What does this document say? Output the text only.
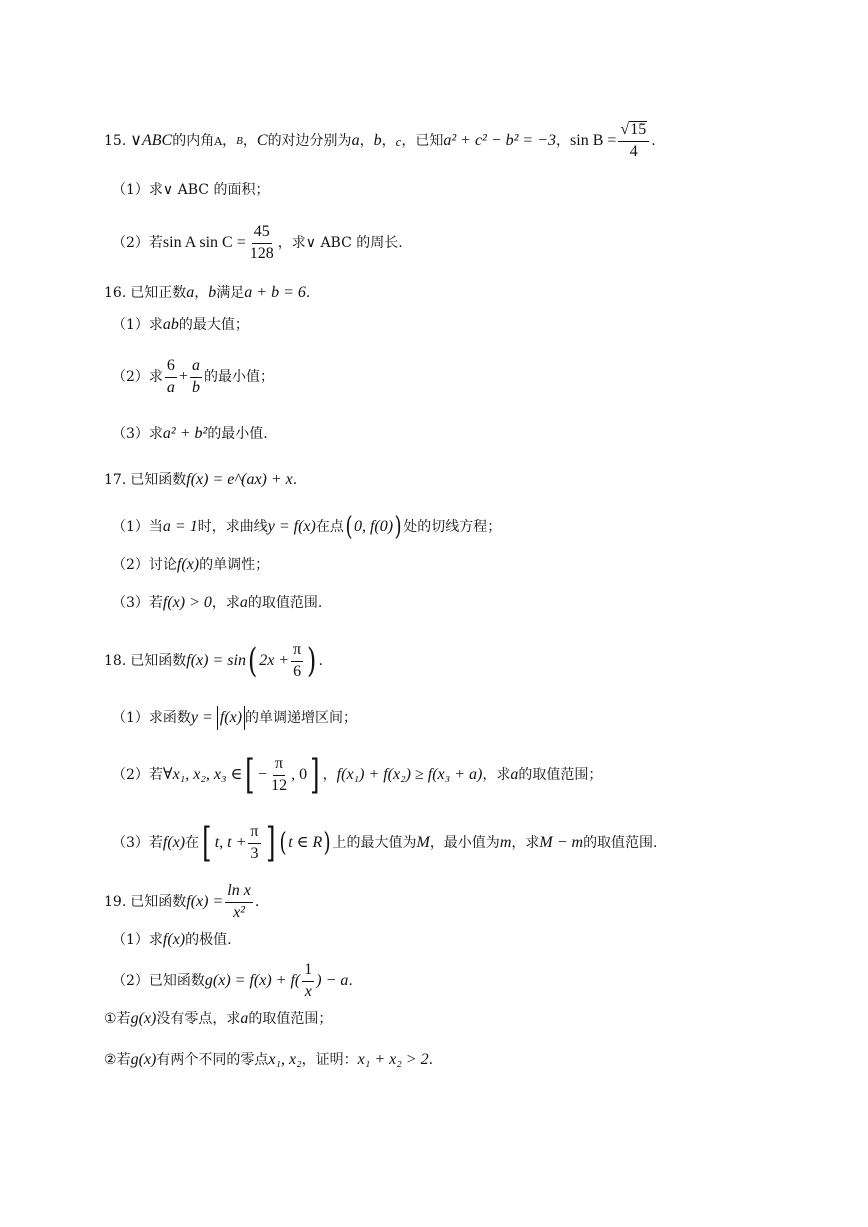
15. ∨ ABC 的内角 A ， B ， C 的对边分别为 a ， b ， c ，已知 a² + c² − b² = −3 ， $\sin B = \frac{√ 15}{4}$ .
（1） 求∨ ABC 的面积；
（2） 若 sin A $\sin C = \frac{45}{128}$ ，求∨ ABC 的周长.
16. 已知正数 a ， b 满足 a + b = 6 .
（1） 求 ab 的最大值；
（2） 求 $\frac{6}{a} + \frac{a}{b}$ 的最小值；
（3） 求 a² + b² 的最小值.
17. 已知函数 f(x) = e^(ax) + x .
（1） 当 a = 1 时，求曲线 y = f(x) 在点 ( 0, f(0) ) 处的切线方程；
（2） 讨论 f(x) 的单调性；
（3） 若 f(x) > 0 ，求 a 的取值范围.
18. 已知函数 f(x) = sin ( $2x + \frac{\pi}{6}$ ) .
（1） 求函数 y = f(x) 的单调递增区间；
（2） 若 ∀x₁, x₂, x₃ ∈ [ − $\frac{\pi}{12}$ , 0 ] ， f(x₁) + f(x₂) ≥ f(x₃ + a) ，求 a 的取值范围；
（3） 若 f(x) 在 [ t, $t + \frac{\pi}{3}$ ] ( t ∈ R ) 上的最大值为 M ，最小值为 m ，求 M − m 的取值范围.
19. 已知函数 $f(x) = \frac{\text{ln x}}{\text{x²}}$ .
（1） 求 f(x) 的极值.
（2） 已知函数 $g(x) = f(x) + f( \frac{1}{x}$ ) − a .
① 若 g(x) 没有零点，求 a 的取值范围；
② 若 g(x) 有两个不同的零点 x₁, x₂ ，证明： x₁ + x₂ > 2 .
